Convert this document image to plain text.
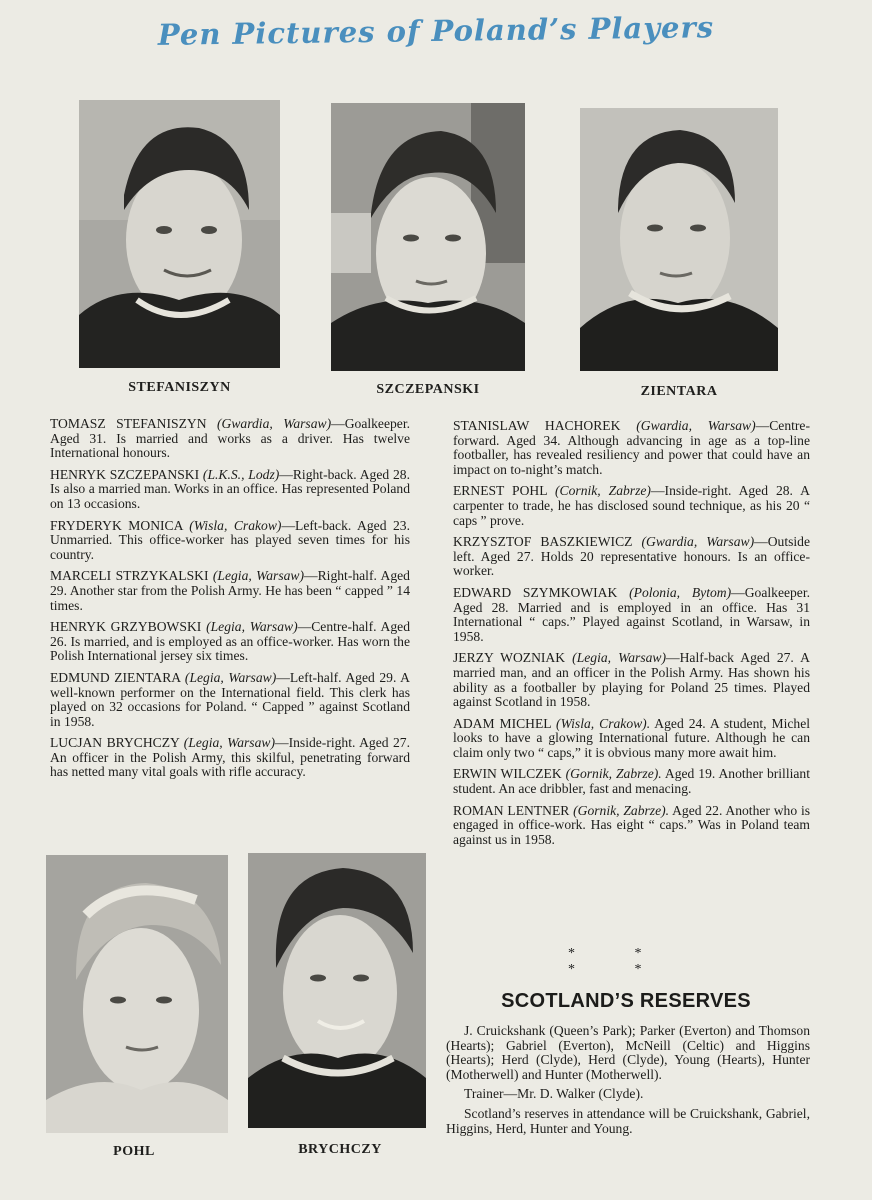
Pen Pictures of Poland’s Players
STEFANISZYN	SZCZEPANSKI	ZIENTARA

TOMASZ STEFANISZYN (Gwardia, Warsaw)—Goalkeeper. Aged 31. Is married and works as a driver. Has twelve International honours.

HENRYK SZCZEPANSKI (L.K.S., Lodz)—Right-back. Aged 28. Is also a married man. Works in an office. Has represented Poland on 13 occasions.

FRYDERYK MONICA (Wisla, Crakow)—Left-back. Aged 23. Unmarried. This office-worker has played seven times for his country.

MARCELI STRZYKALSKI (Legia, Warsaw)—Right-half. Aged 29. Another star from the Polish Army. He has been “ capped ” 14 times.

HENRYK GRZYBOWSKI (Legia, Warsaw)—Centre-half. Aged 26. Is married, and is employed as an office-worker. Has worn the Polish International jersey six times.

EDMUND ZIENTARA (Legia, Warsaw)—Left-half. Aged 29. A well-known performer on the International field. This clerk has played on 32 occasions for Poland. “ Capped ” against Scotland in 1958.

LUCJAN BRYCHCZY (Legia, Warsaw)—Inside-right. Aged 27. An officer in the Polish Army, this skilful, penetrating forward has netted many vital goals with rifle accuracy.

STANISLAW HACHOREK (Gwardia, Warsaw)—Centre-forward. Aged 34. Although advancing in age as a top-line footballer, has revealed resiliency and power that could have an impact on to-night’s match.

ERNEST POHL (Cornik, Zabrze)—Inside-right. Aged 28. A carpenter to trade, he has disclosed sound technique, as his 20 “ caps ” prove.

KRZYSZTOF BASZKIEWICZ (Gwardia, Warsaw)—Outside left. Aged 27. Holds 20 representative honours. Is an office-worker.

EDWARD SZYMKOWIAK (Polonia, Bytom)—Goalkeeper. Aged 28. Married and is employed in an office. Has 31 International “ caps.” Played against Scotland, in Warsaw, in 1958.

JERZY WOZNIAK (Legia, Warsaw)—Half-back Aged 27. A married man, and an officer in the Polish Army. Has shown his ability as a footballer by playing for Poland 25 times. Played against Scotland in 1958.

ADAM MICHEL (Wisla, Crakow). Aged 24. A student, Michel looks to have a glowing International future. Although he can claim only two “ caps,” it is obvious many more await him.

ERWIN WILCZEK (Gornik, Zabrze). Aged 19. Another brilliant student. An ace dribbler, fast and menacing.

ROMAN LENTNER (Gornik, Zabrze). Aged 22. Another who is engaged in office-work. Has eight “ caps.” Was in Poland team against us in 1958.

POHL	BRYCHCZY
* * * *
SCOTLAND’S RESERVES

J. Cruickshank (Queen’s Park); Parker (Everton) and Thomson (Hearts); Gabriel (Everton), McNeill (Celtic) and Higgins (Hearts); Herd (Clyde), Herd (Clyde), Young (Hearts), Hunter (Motherwell) and Hunter (Motherwell).

Trainer—Mr. D. Walker (Clyde).

Scotland’s reserves in attendance will be Cruickshank, Gabriel, Higgins, Herd, Hunter and Young.
